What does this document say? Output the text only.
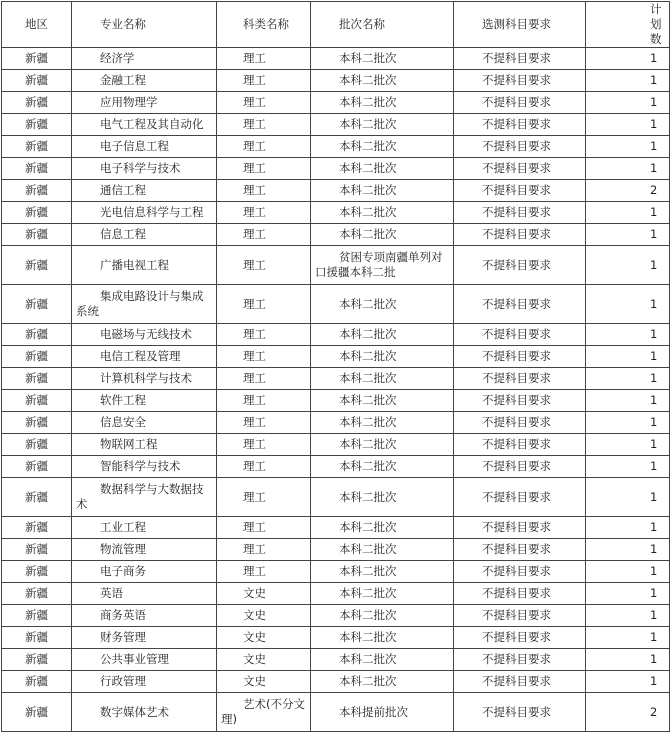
地区	专业名称	科类名称	批次名称	选测科目要求	计划数
新疆	经济学	理工	本科二批次	不提科目要求	1
新疆	金融工程	理工	本科二批次	不提科目要求	1
新疆	应用物理学	理工	本科二批次	不提科目要求	1
新疆	电气工程及其自动化	理工	本科二批次	不提科目要求	1
新疆	电子信息工程	理工	本科二批次	不提科目要求	1
新疆	电子科学与技术	理工	本科二批次	不提科目要求	1
新疆	通信工程	理工	本科二批次	不提科目要求	2
新疆	光电信息科学与工程	理工	本科二批次	不提科目要求	1
新疆	信息工程	理工	本科二批次	不提科目要求	1
新疆	广播电视工程	理工	贫困专项南疆单列对口援疆本科二批	不提科目要求	1
新疆	集成电路设计与集成系统	理工	本科二批次	不提科目要求	1
新疆	电磁场与无线技术	理工	本科二批次	不提科目要求	1
新疆	电信工程及管理	理工	本科二批次	不提科目要求	1
新疆	计算机科学与技术	理工	本科二批次	不提科目要求	1
新疆	软件工程	理工	本科二批次	不提科目要求	1
新疆	信息安全	理工	本科二批次	不提科目要求	1
新疆	物联网工程	理工	本科二批次	不提科目要求	1
新疆	智能科学与技术	理工	本科二批次	不提科目要求	1
新疆	数据科学与大数据技术	理工	本科二批次	不提科目要求	1
新疆	工业工程	理工	本科二批次	不提科目要求	1
新疆	物流管理	理工	本科二批次	不提科目要求	1
新疆	电子商务	理工	本科二批次	不提科目要求	1
新疆	英语	文史	本科二批次	不提科目要求	1
新疆	商务英语	文史	本科二批次	不提科目要求	1
新疆	财务管理	文史	本科二批次	不提科目要求	1
新疆	公共事业管理	文史	本科二批次	不提科目要求	1
新疆	行政管理	文史	本科二批次	不提科目要求	1
新疆	数字媒体艺术	艺术(不分文理)	本科提前批次	不提科目要求	2
